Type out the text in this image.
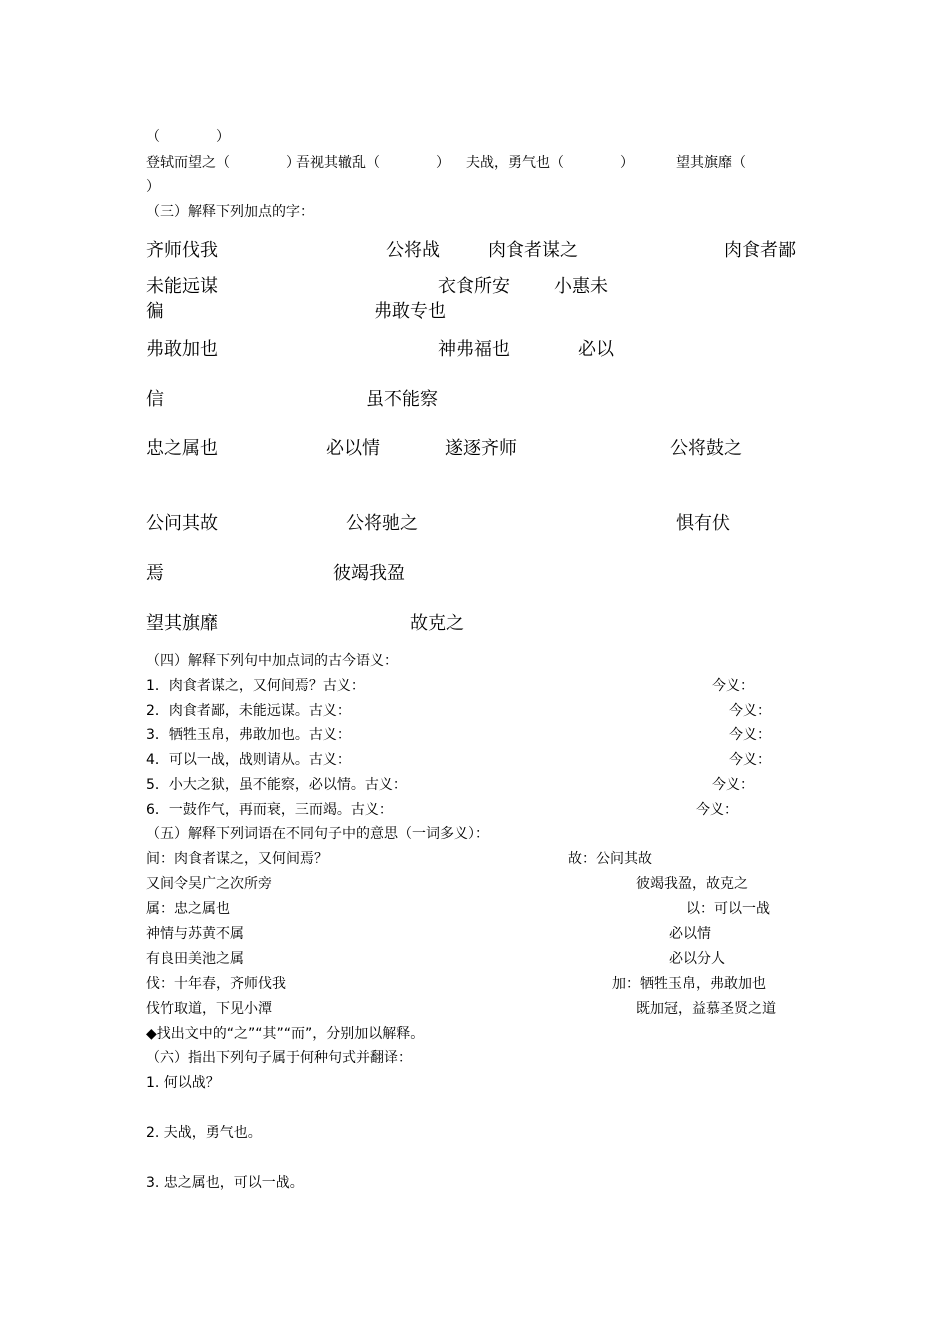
（　　　　）
登轼而望之（　　　　）
吾视其辙乱（　　　　） 夫战，勇气也（　　　　）	望其旗靡（
）
（三）解释下列加点的字：
齐师伐我	公将战	肉食者谋之	肉食者鄙
未能远谋	衣食所安 小惠未
徧	弗敢专也
弗敢加也	神弗福也	必以
信	虽不能察
忠之属也	必以情	遂逐齐师	公将鼓之
公问其故	公将驰之	惧有伏
焉	彼竭我盈
望其旗靡	故克之
（四）解释下列句中加点词的古今语义：
1．肉食者谋之，又何间焉？古义：	今义：
2．肉食者鄙，未能远谋。古义：	今义：
3．牺牲玉帛，弗敢加也。古义：	今义：
4．可以一战，战则请从。古义：	今义：
5．小大之狱，虽不能察，必以情。古义：	今义：
6．一鼓作气，再而衰，三而竭。古义：	今义：
（五）解释下列词语在不同句子中的意思（一词多义）：
间：肉食者谋之，又何间焉？	故：公问其故
又间令吴广之次所旁	彼竭我盈，故克之
属：忠之属也	以：可以一战
神情与苏黄不属	必以情
有良田美池之属	必以分人
伐：十年春，齐师伐我	加：牺牲玉帛，弗敢加也
伐竹取道，下见小潭	既加冠，益慕圣贤之道
◆找出文中的“之”“其”“而”，分别加以解释。
（六）指出下列句子属于何种句式并翻译：
1. 何以战？
2. 夫战，勇气也。
3. 忠之属也，可以一战。
